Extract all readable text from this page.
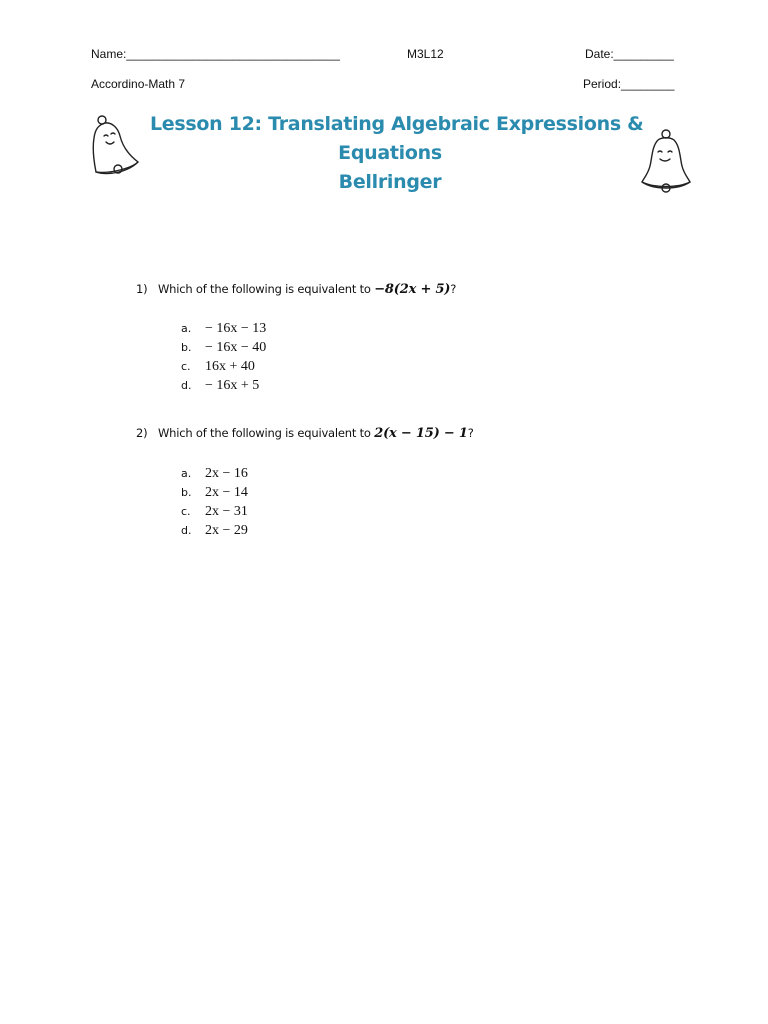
Name:________________________________	M3L12	Date:_________
Accordino-Math 7	Period:________
Lesson 12: Translating Algebraic Expressions &
Equations
Bellringer
1) Which of the following is equivalent to −8(2x + 5)?
a. − 16x − 13
b. − 16x − 40
c. 16x + 40
d. − 16x + 5
2) Which of the following is equivalent to 2(x − 15) − 1?
a. 2x − 16
b. 2x − 14
c. 2x − 31
d. 2x − 29
